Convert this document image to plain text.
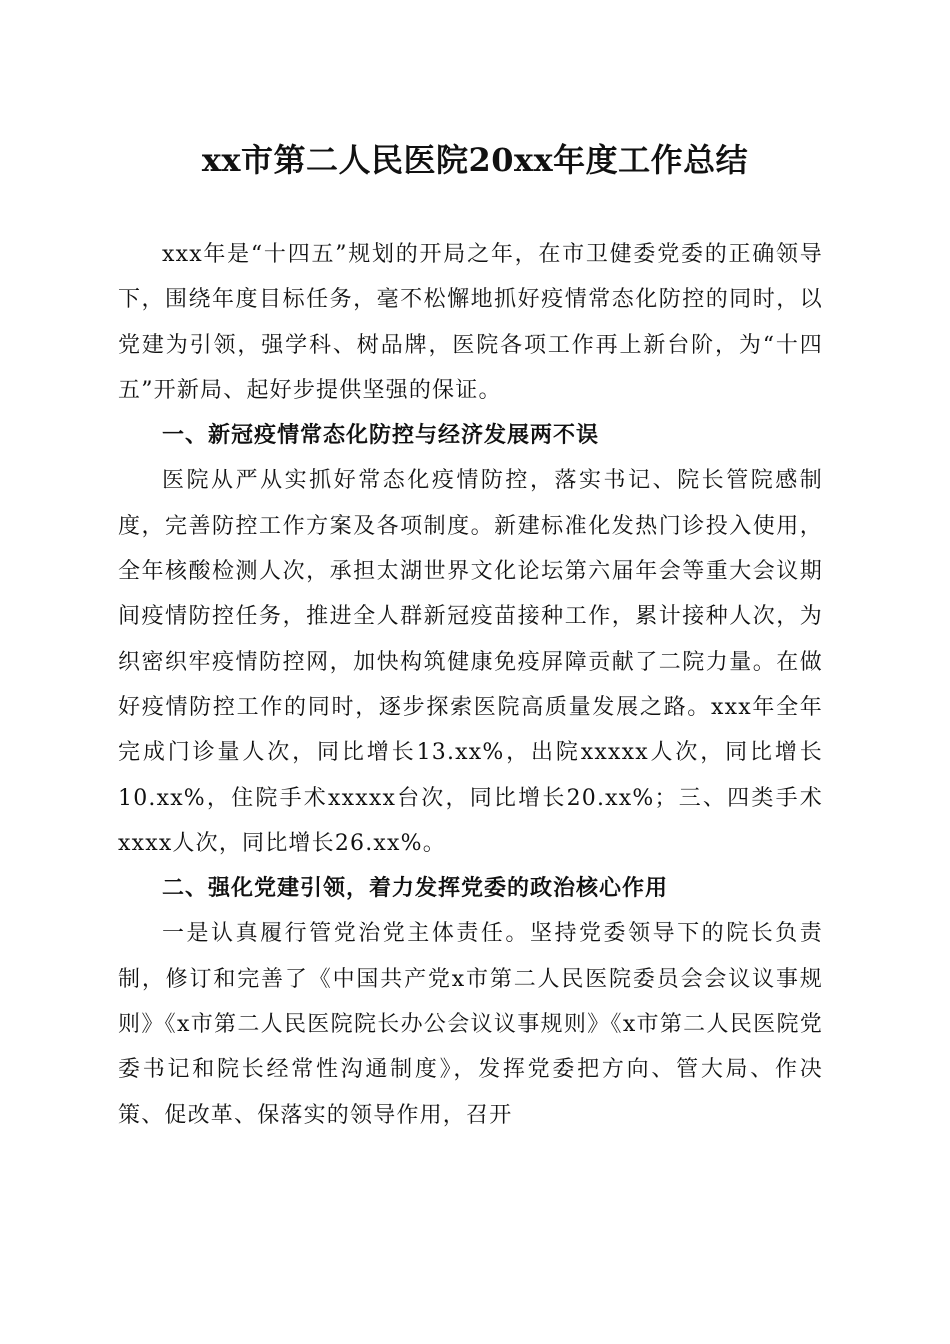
xx市第二人民医院20xx年度工作总结

xxx年是“十四五”规划的开局之年，在市卫健委党委的正确领导下，围绕年度目标任务，毫不松懈地抓好疫情常态化防控的同时，以党建为引领，强学科、树品牌，医院各项工作再上新台阶，为“十四五”开新局、起好步提供坚强的保证。

一、新冠疫情常态化防控与经济发展两不误

医院从严从实抓好常态化疫情防控，落实书记、院长管院感制度，完善防控工作方案及各项制度。新建标准化发热门诊投入使用，全年核酸检测人次，承担太湖世界文化论坛第六届年会等重大会议期间疫情防控任务，推进全人群新冠疫苗接种工作，累计接种人次，为织密织牢疫情防控网，加快构筑健康免疫屏障贡献了二院力量。在做好疫情防控工作的同时，逐步探索医院高质量发展之路。xxx年全年完成门诊量人次，同比增长13.xx%，出院xxxxx人次，同比增长10.xx%，住院手术xxxxx台次，同比增长20.xx%；三、四类手术xxxx人次，同比增长26.xx%。

二、强化党建引领，着力发挥党委的政治核心作用

一是认真履行管党治党主体责任。坚持党委领导下的院长负责制，修订和完善了《中国共产党x市第二人民医院委员会会议议事规则》《x市第二人民医院院长办公会议议事规则》《x市第二人民医院党委书记和院长经常性沟通制度》，发挥党委把方向、管大局、作决策、促改革、保落实的领导作用，召开
